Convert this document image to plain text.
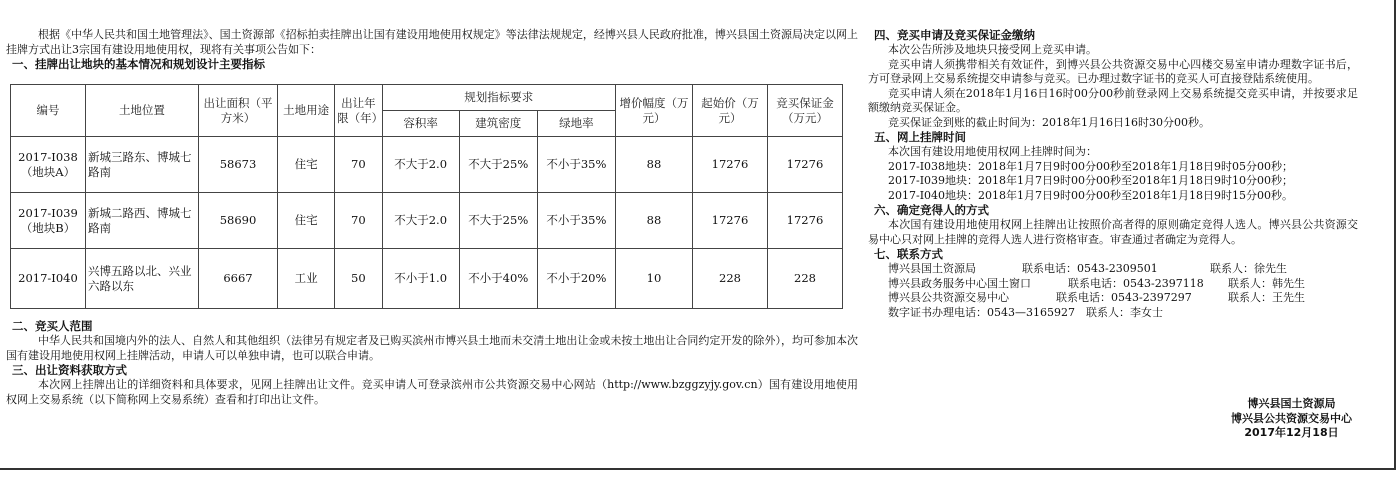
根据《中华人民共和国土地管理法》、国土资源部《招标拍卖挂牌出让国有建设用地使用权规定》等法律法规规定，经博兴县人民政府批准，博兴县国土资源局决定以网上挂牌方式出让3宗国有建设用地使用权，现将有关事项公告如下：

一、挂牌出让地块的基本情况和规划设计主要指标
编号	土地位置	出让面积（平方米）	土地用途	出让年限（年）	规划指标要求			增价幅度（万元）	起始价（万元）	竞买保证金（万元）
					容积率	建筑密度	绿地率			
2017-I038（地块A）	新城三路东、博城七路南	58673	住宅	70	不大于2.0	不大于25%	不小于35%	88	17276	17276
2017-I039（地块B）	新城二路西、博城七路南	58690	住宅	70	不大于2.0	不大于25%	不小于35%	88	17276	17276
2017-I040	兴博五路以北、兴业六路以东	6667	工业	50	不小于1.0	不小于40%	不小于20%	10	228	228
二、竞买人范围

中华人民共和国境内外的法人、自然人和其他组织（法律另有规定者及已购买滨州市博兴县土地而未交清土地出让金或未按土地出让合同约定开发的除外），均可参加本次国有建设用地使用权网上挂牌活动，申请人可以单独申请，也可以联合申请。

三、出让资料获取方式

本次网上挂牌出让的详细资料和具体要求，见网上挂牌出让文件。竞买申请人可登录滨州市公共资源交易中心网站（http://www.bzggzyjy.gov.cn）国有建设用地使用权网上交易系统（以下简称网上交易系统）查看和打印出让文件。

四、竞买申请及竞买保证金缴纳

本次公告所涉及地块只接受网上竞买申请。

竞买申请人须携带相关有效证件，到博兴县公共资源交易中心四楼交易室申请办理数字证书后，方可登录网上交易系统提交申请参与竞买。已办理过数字证书的竞买人可直接登陆系统使用。

竞买申请人须在2018年1月16日16时00分00秒前登录网上交易系统提交竞买申请，并按要求足额缴纳竞买保证金。

竞买保证金到账的截止时间为：2018年1月16日16时30分00秒。

五、网上挂牌时间

本次国有建设用地使用权网上挂牌时间为：

2017-I038地块：2018年1月7日9时00分00秒至2018年1月18日9时05分00秒；

2017-I039地块：2018年1月7日9时00分00秒至2018年1月18日9时10分00秒；

2017-I040地块：2018年1月7日9时00分00秒至2018年1月18日9时15分00秒。

六、确定竞得人的方式

本次国有建设用地使用权网上挂牌出让按照价高者得的原则确定竞得人选人。博兴县公共资源交易中心只对网上挂牌的竞得人选人进行资格审查。审查通过者确定为竞得人。

七、联系方式
博兴县国土资源局	联系电话：0543-2309501	联系人：徐先生
博兴县政务服务中心国土窗口	联系电话：0543-2397118 联系人：韩先生
博兴县公共资源交易中心	联系电话：0543-2397297	联系人：王先生
数字证书办理电话：0543—3165927　联系人：李女士
博兴县国土资源局
博兴县公共资源交易中心
2017年12月18日
